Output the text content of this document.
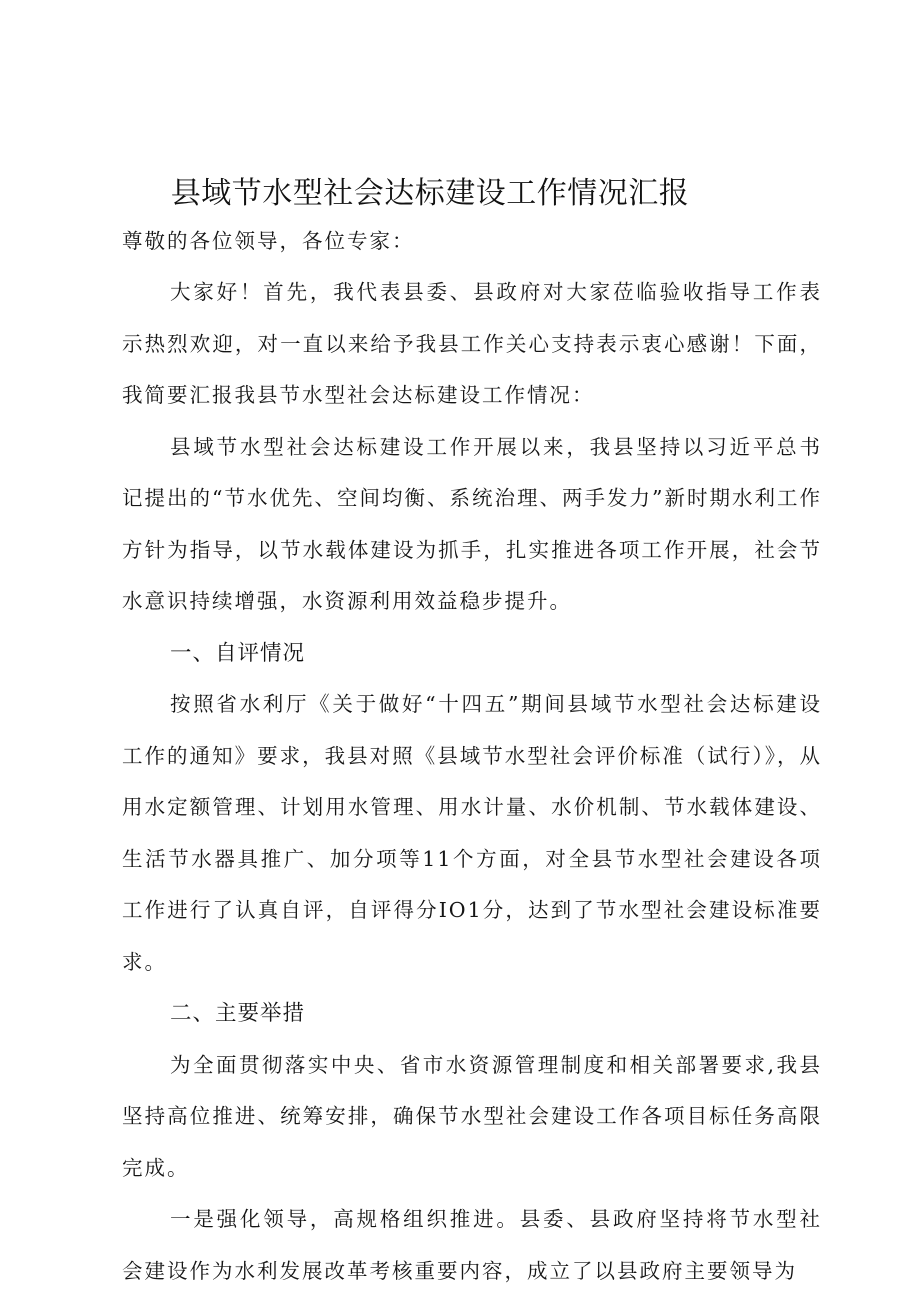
县域节水型社会达标建设工作情况汇报
尊敬的各位领导，各位专家：

大家好！首先，我代表县委、县政府对大家莅临验收指导工作表示热烈欢迎，对一直以来给予我县工作关心支持表示衷心感谢！下面，我简要汇报我县节水型社会达标建设工作情况：

县域节水型社会达标建设工作开展以来，我县坚持以习近平总书记提出的“节水优先、空间均衡、系统治理、两手发力”新时期水利工作方针为指导，以节水载体建设为抓手，扎实推进各项工作开展，社会节水意识持续增强，水资源利用效益稳步提升。

一、自评情况

按照省水利厅《关于做好“十四五”期间县域节水型社会达标建设工作的通知》要求，我县对照《县域节水型社会评价标准（试行）》，从用水定额管理、计划用水管理、用水计量、水价机制、节水载体建设、生活节水器具推广、加分项等11个方面，对全县节水型社会建设各项工作进行了认真自评，自评得分IO1分，达到了节水型社会建设标准要求。

二、主要举措

为全面贯彻落实中央、省市水资源管理制度和相关部署要求,我县坚持高位推进、统筹安排，确保节水型社会建设工作各项目标任务高限完成。

一是强化领导，高规格组织推进。县委、县政府坚持将节水型社会建设作为水利发展改革考核重要内容，成立了以县政府主要领导为
